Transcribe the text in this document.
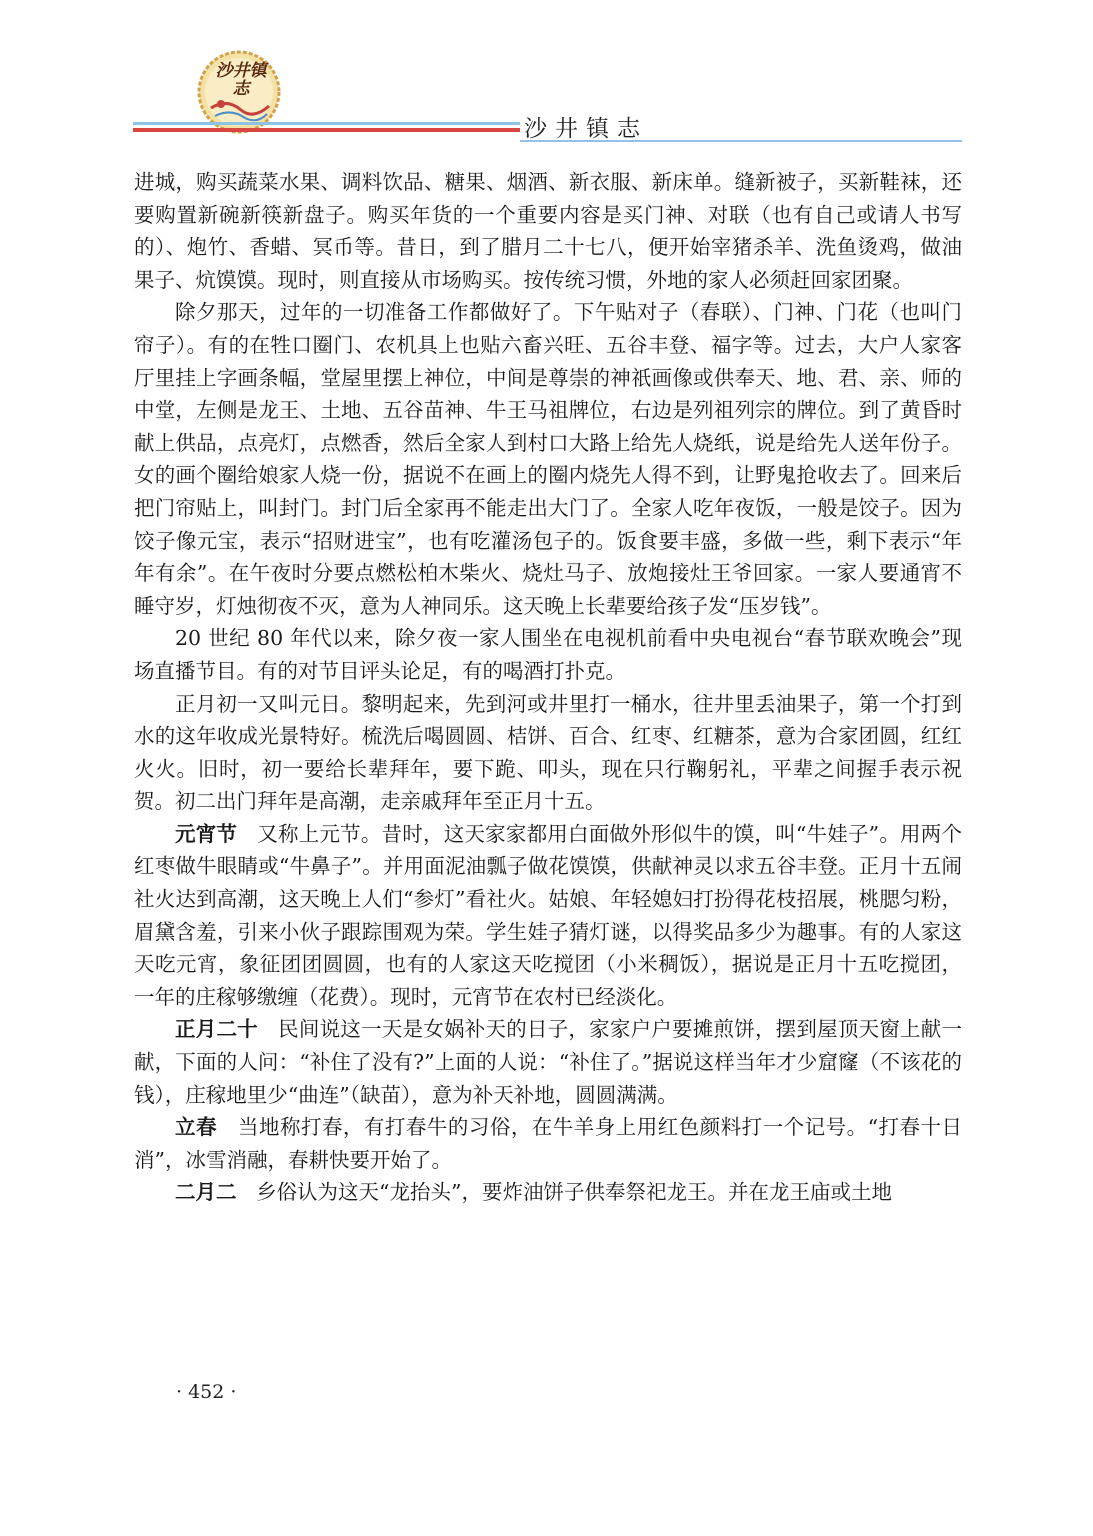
沙井镇志
沙井镇志

进城，购买蔬菜水果、调料饮品、糖果、烟酒、新衣服、新床单。缝新被子，买新鞋袜，还要购置新碗新筷新盘子。购买年货的一个重要内容是买门神、对联（也有自己或请人书写的）、炮竹、香蜡、冥币等。昔日，到了腊月二十七八，便开始宰猪杀羊、洗鱼烫鸡，做油果子、炕馍馍。现时，则直接从市场购买。按传统习惯，外地的家人必须赶回家团聚。

除夕那天，过年的一切准备工作都做好了。下午贴对子（春联）、门神、门花（也叫门帘子）。有的在牲口圈门、农机具上也贴六畜兴旺、五谷丰登、福字等。过去，大户人家客厅里挂上字画条幅，堂屋里摆上神位，中间是尊崇的神祇画像或供奉天、地、君、亲、师的中堂，左侧是龙王、土地、五谷苗神、牛王马祖牌位，右边是列祖列宗的牌位。到了黄昏时献上供品，点亮灯，点燃香，然后全家人到村口大路上给先人烧纸，说是给先人送年份子。女的画个圈给娘家人烧一份，据说不在画上的圈内烧先人得不到，让野鬼抢收去了。回来后把门帘贴上，叫封门。封门后全家再不能走出大门了。全家人吃年夜饭，一般是饺子。因为饺子像元宝，表示“招财进宝”，也有吃灌汤包子的。饭食要丰盛，多做一些，剩下表示“年年有余”。在午夜时分要点燃松柏木柴火、烧灶马子、放炮接灶王爷回家。一家人要通宵不睡守岁，灯烛彻夜不灭，意为人神同乐。这天晚上长辈要给孩子发“压岁钱”。

20 世纪 80 年代以来，除夕夜一家人围坐在电视机前看中央电视台“春节联欢晚会”现场直播节目。有的对节目评头论足，有的喝酒打扑克。

正月初一又叫元日。黎明起来，先到河或井里打一桶水，往井里丢油果子，第一个打到水的这年收成光景特好。梳洗后喝圆圆、桔饼、百合、红枣、红糖茶，意为合家团圆，红红火火。旧时，初一要给长辈拜年，要下跪、叩头，现在只行鞠躬礼，平辈之间握手表示祝贺。初二出门拜年是高潮，走亲戚拜年至正月十五。

元宵节 又称上元节。昔时，这天家家都用白面做外形似牛的馍，叫“牛娃子”。用两个红枣做牛眼睛或“牛鼻子”。并用面泥油瓢子做花馍馍，供献神灵以求五谷丰登。正月十五闹社火达到高潮，这天晚上人们“参灯”看社火。姑娘、年轻媳妇打扮得花枝招展，桃腮匀粉，眉黛含羞，引来小伙子跟踪围观为荣。学生娃子猜灯谜，以得奖品多少为趣事。有的人家这天吃元宵，象征团团圆圆，也有的人家这天吃搅团（小米稠饭），据说是正月十五吃搅团，一年的庄稼够缴缠（花费）。现时，元宵节在农村已经淡化。

正月二十 民间说这一天是女娲补天的日子，家家户户要摊煎饼，摆到屋顶天窗上献一献，下面的人问：“补住了没有?”上面的人说：“补住了。”据说这样当年才少窟窿（不该花的钱），庄稼地里少“曲连”（缺苗），意为补天补地，圆圆满满。

立春 当地称打春，有打春牛的习俗，在牛羊身上用红色颜料打一个记号。“打春十日消”，冰雪消融，春耕快要开始了。

二月二 乡俗认为这天“龙抬头”，要炸油饼子供奉祭祀龙王。并在龙王庙或土地

· 452 ·
